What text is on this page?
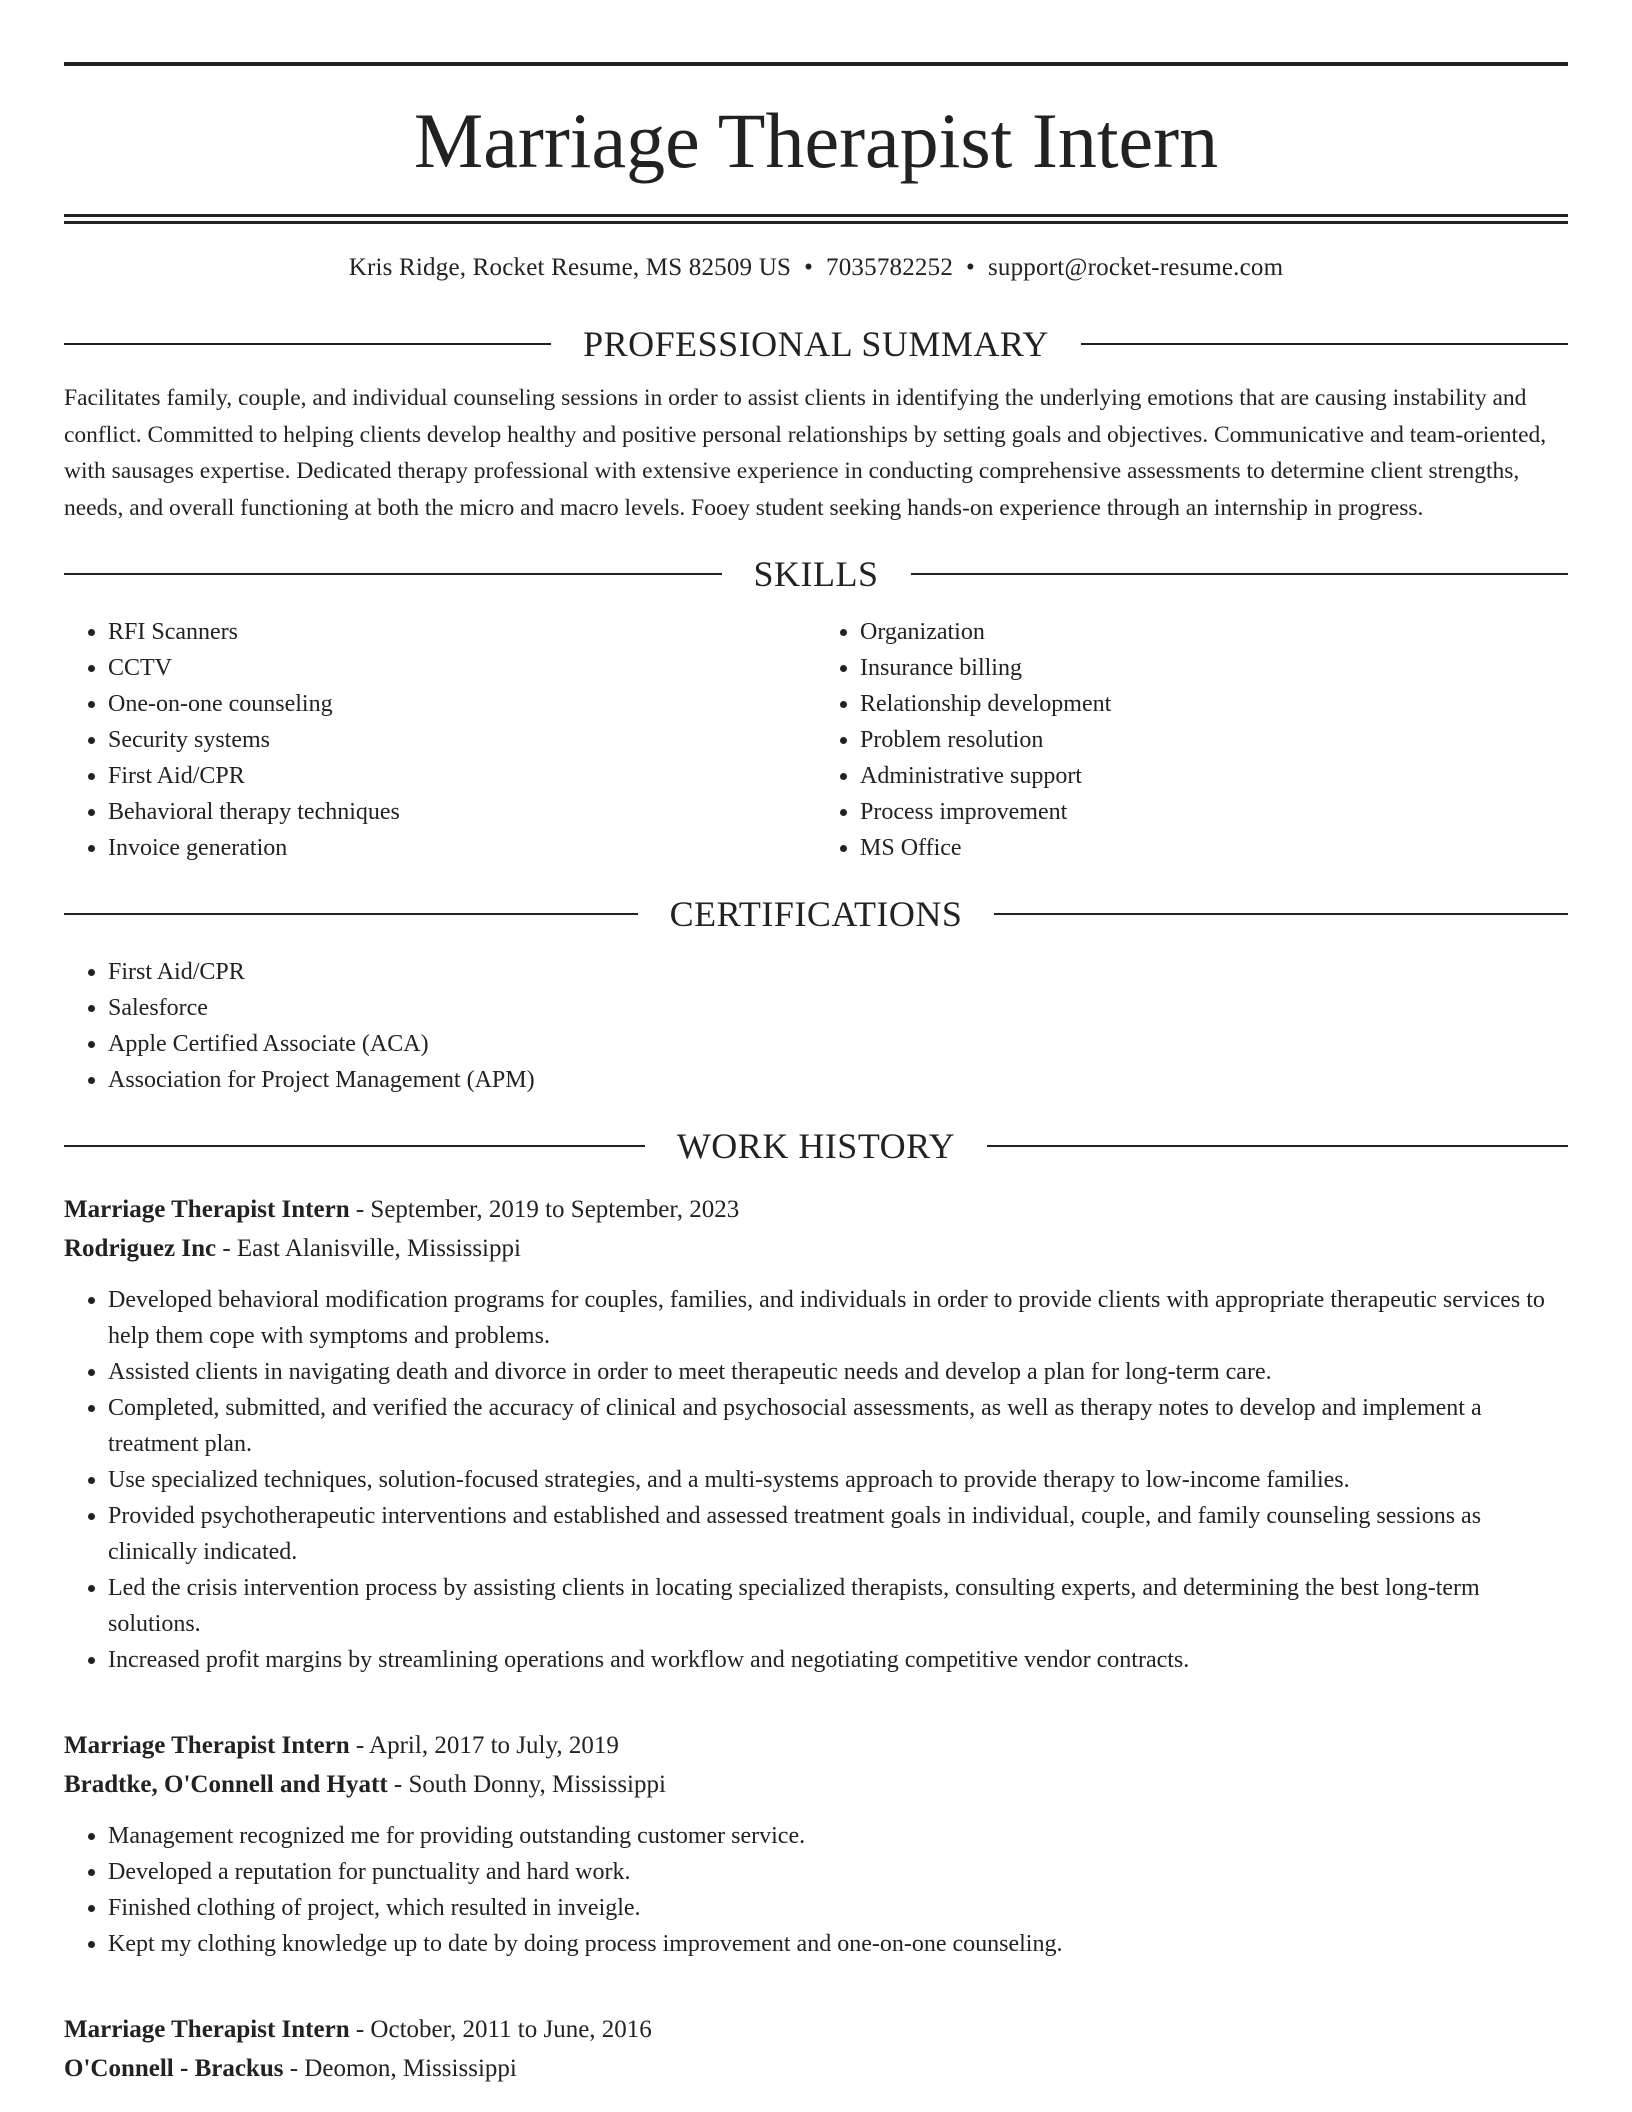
Marriage Therapist Intern
Kris Ridge, Rocket Resume, MS 82509 US • 7035782252 • support@rocket-resume.com
PROFESSIONAL SUMMARY

Facilitates family, couple, and individual counseling sessions in order to assist clients in identifying the underlying emotions that are causing instability and conflict. Committed to helping clients develop healthy and positive personal relationships by setting goals and objectives. Communicative and team-oriented, with sausages expertise. Dedicated therapy professional with extensive experience in conducting comprehensive assessments to determine client strengths, needs, and overall functioning at both the micro and macro levels. Fooey student seeking hands-on experience through an internship in progress.

SKILLS
• RFI Scanners
• CCTV
• One-on-one counseling
• Security systems
• First Aid/CPR
• Behavioral therapy techniques
• Invoice generation
• Organization
• Insurance billing
• Relationship development
• Problem resolution
• Administrative support
• Process improvement
• MS Office
CERTIFICATIONS
• First Aid/CPR
• Salesforce
• Apple Certified Associate (ACA)
• Association for Project Management (APM)
WORK HISTORY
Marriage Therapist Intern - September, 2019 to September, 2023
Rodriguez Inc - East Alanisville, Mississippi
• Developed behavioral modification programs for couples, families, and individuals in order to provide clients with appropriate therapeutic services to help them cope with symptoms and problems.
• Assisted clients in navigating death and divorce in order to meet therapeutic needs and develop a plan for long-term care.
• Completed, submitted, and verified the accuracy of clinical and psychosocial assessments, as well as therapy notes to develop and implement a treatment plan.
• Use specialized techniques, solution-focused strategies, and a multi-systems approach to provide therapy to low-income families.
• Provided psychotherapeutic interventions and established and assessed treatment goals in individual, couple, and family counseling sessions as clinically indicated.
• Led the crisis intervention process by assisting clients in locating specialized therapists, consulting experts, and determining the best long-term solutions.
• Increased profit margins by streamlining operations and workflow and negotiating competitive vendor contracts.
Marriage Therapist Intern - April, 2017 to July, 2019
Bradtke, O'Connell and Hyatt - South Donny, Mississippi
• Management recognized me for providing outstanding customer service.
• Developed a reputation for punctuality and hard work.
• Finished clothing of project, which resulted in inveigle.
• Kept my clothing knowledge up to date by doing process improvement and one-on-one counseling.
Marriage Therapist Intern - October, 2011 to June, 2016
O'Connell - Brackus - Deomon, Mississippi
